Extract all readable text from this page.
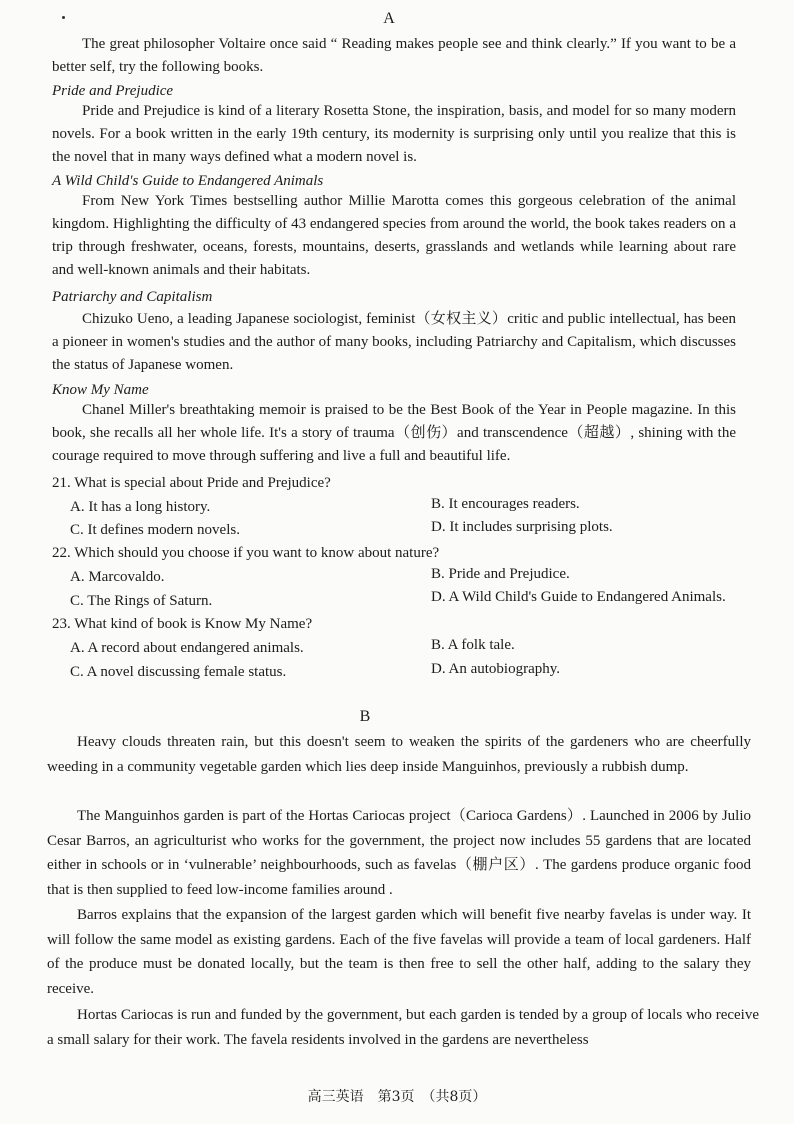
A
The great philosopher Voltaire once said “ Reading makes people see and think clearly.” If you want to be a better self, try the following books.
Pride and Prejudice
Pride and Prejudice is kind of a literary Rosetta Stone, the inspiration, basis, and model for so many modern novels. For a book written in the early 19th century, its modernity is surprising only until you realize that this is the novel that in many ways defined what a modern novel is.
A Wild Child's Guide to Endangered Animals
From New York Times bestselling author Millie Marotta comes this gorgeous celebration of the animal kingdom. Highlighting the difficulty of 43 endangered species from around the world, the book takes readers on a trip through freshwater, oceans, forests, mountains, deserts, grasslands and wetlands while learning about rare and well-known animals and their habitats.
Patriarchy and Capitalism
Chizuko Ueno, a leading Japanese sociologist, feminist（女权主义）critic and public intellectual, has been a pioneer in women's studies and the author of many books, including Patriarchy and Capitalism, which discusses the status of Japanese women.
Know My Name
Chanel Miller's breathtaking memoir is praised to be the Best Book of the Year in People magazine. In this book, she recalls all her whole life. It's a story of trauma（创伤）and transcendence（超越）, shining with the courage required to move through suffering and live a full and beautiful life.
21. What is special about Pride and Prejudice?
A. It has a long history.	B. It encourages readers.
C. It defines modern novels.	D. It includes surprising plots.
22. Which should you choose if you want to know about nature?
A. Marcovaldo.	B. Pride and Prejudice.
C. The Rings of Saturn.	D. A Wild Child's Guide to Endangered Animals.
23. What kind of book is Know My Name?
A. A record about endangered animals.	B. A folk tale.
C. A novel discussing female status.	D. An autobiography.
B
Heavy clouds threaten rain, but this doesn't seem to weaken the spirits of the gardeners who are cheerfully weeding in a community vegetable garden which lies deep inside Manguinhos, previously a rubbish dump.
The Manguinhos garden is part of the Hortas Cariocas project（Carioca Gardens）. Launched in 2006 by Julio Cesar Barros, an agriculturist who works for the government, the project now includes 55 gardens that are located either in schools or in ‘vulnerable’ neighbourhoods, such as favelas（棚户区）. The gardens produce organic food that is then supplied to feed low-income families around .
Barros explains that the expansion of the largest garden which will benefit five nearby favelas is under way. It will follow the same model as existing gardens. Each of the five favelas will provide a team of local gardeners. Half of the produce must be donated locally, but the team is then free to sell the other half, adding to the salary they receive.
Hortas Cariocas is run and funded by the government, but each garden is tended by a group of locals who receive a small salary for their work. The favela residents involved in the gardens are nevertheless
高三英语　第3页　（共8页）
